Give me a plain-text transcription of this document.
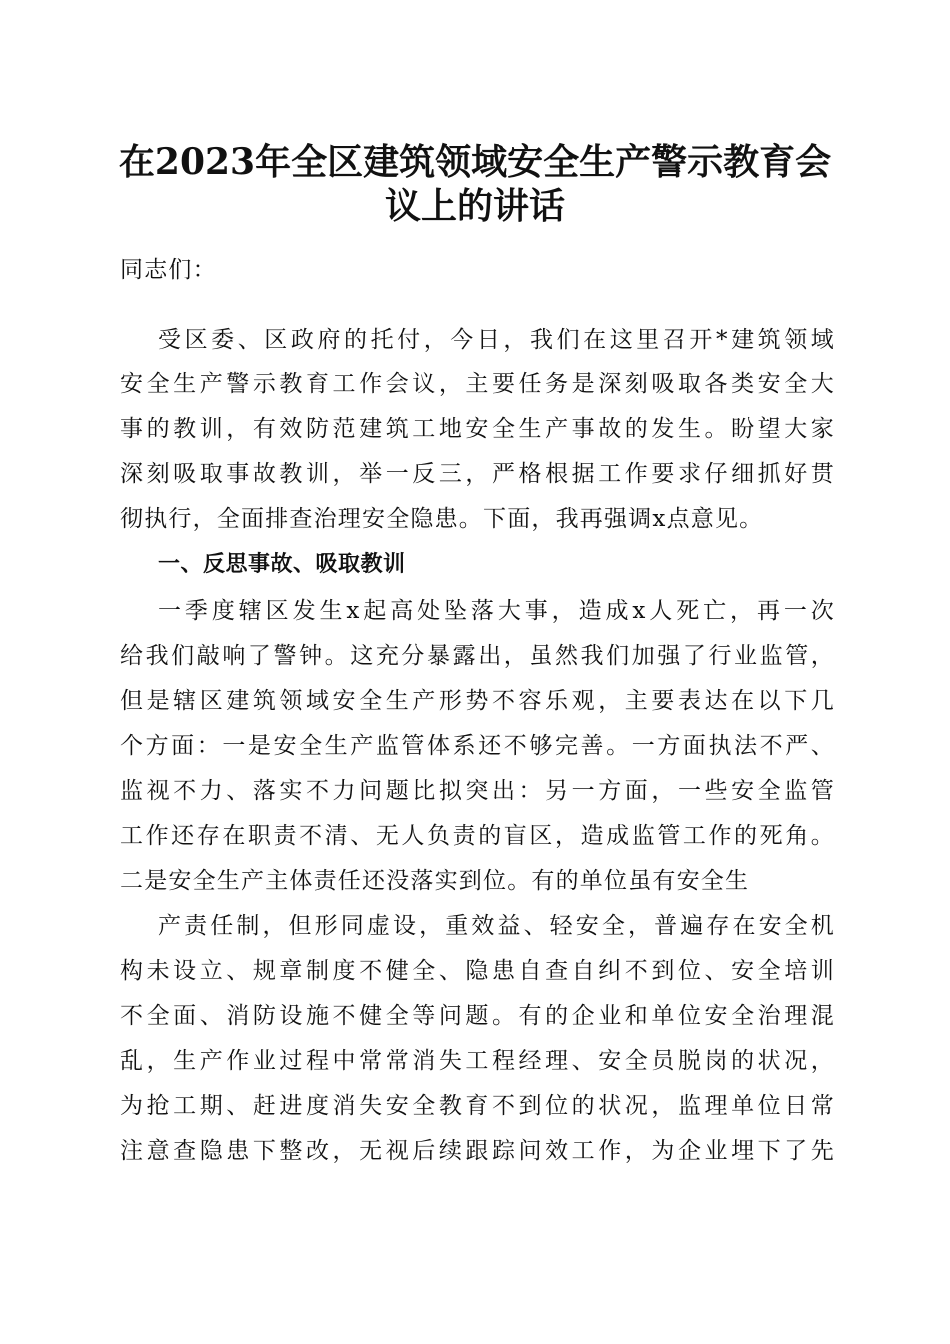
在2023年全区建筑领域安全生产警示教育会
议上的讲话
同志们：
受区委、区政府的托付，今日，我们在这里召开*建筑领域
安全生产警示教育工作会议，主要任务是深刻吸取各类安全大
事的教训，有效防范建筑工地安全生产事故的发生。盼望大家
深刻吸取事故教训，举一反三，严格根据工作要求仔细抓好贯
彻执行，全面排查治理安全隐患。下面，我再强调x点意见。
一、反思事故、吸取教训
一季度辖区发生x起高处坠落大事，造成x人死亡，再一次
给我们敲响了警钟。这充分暴露出，虽然我们加强了行业监管，
但是辖区建筑领域安全生产形势不容乐观，主要表达在以下几
个方面：一是安全生产监管体系还不够完善。一方面执法不严、
监视不力、落实不力问题比拟突出：另一方面，一些安全监管
工作还存在职责不清、无人负责的盲区，造成监管工作的死角。
二是安全生产主体责任还没落实到位。有的单位虽有安全生
产责任制，但形同虚设，重效益、轻安全，普遍存在安全机
构未设立、规章制度不健全、隐患自查自纠不到位、安全培训
不全面、消防设施不健全等问题。有的企业和单位安全治理混
乱，生产作业过程中常常消失工程经理、安全员脱岗的状况，
为抢工期、赶进度消失安全教育不到位的状况，监理单位日常
注意查隐患下整改，无视后续跟踪问效工作，为企业埋下了先
